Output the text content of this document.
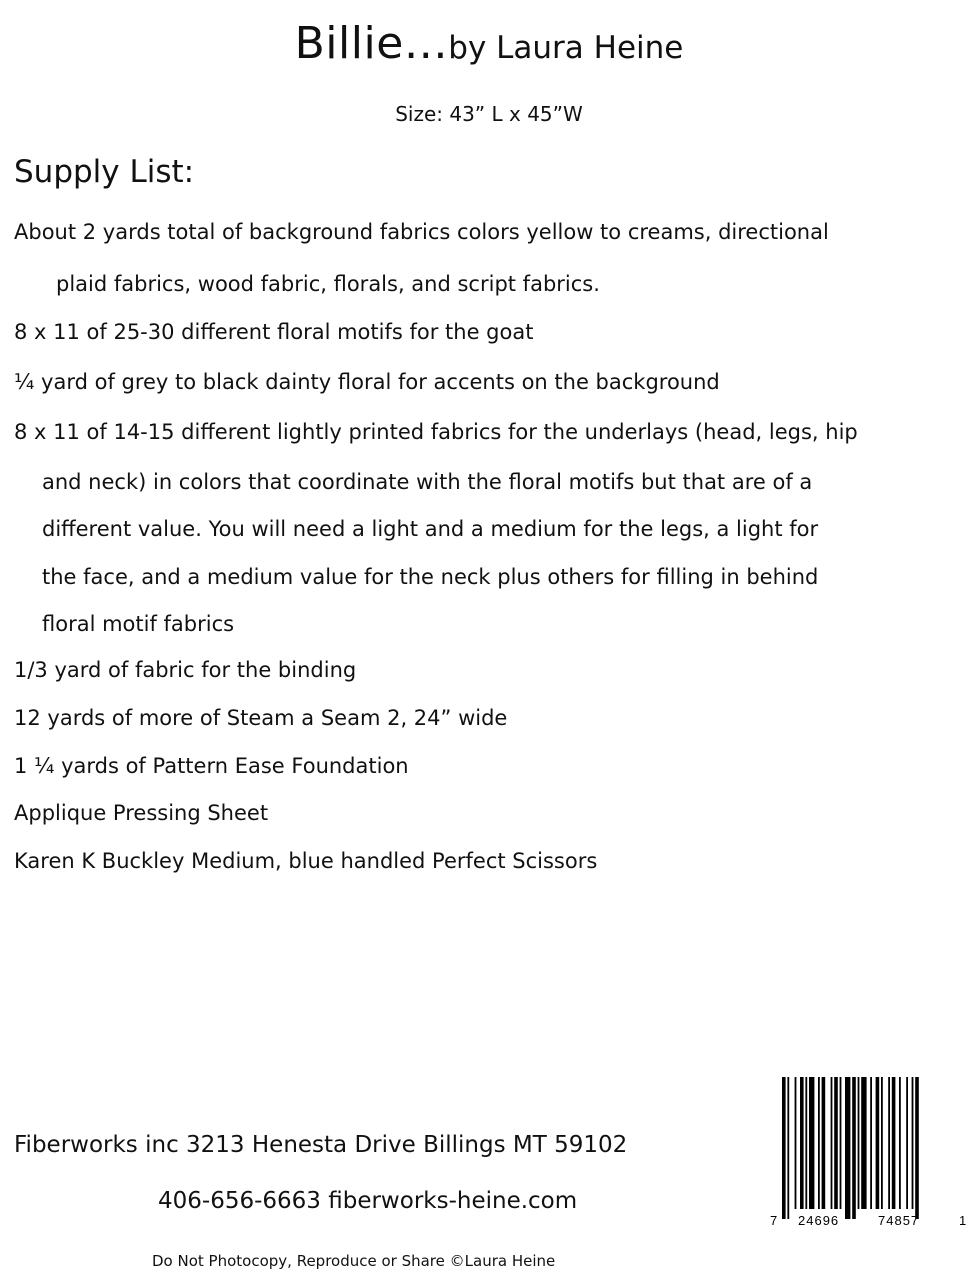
Billie…by Laura Heine
Size: 43” L x 45”W
Supply List:
About 2 yards total of background fabrics colors yellow to creams, directional
plaid fabrics, wood fabric, florals, and script fabrics.
8 x 11 of 25-30 different floral motifs for the goat
¼ yard of grey to black dainty floral for accents on the background
8 x 11 of 14-15 different lightly printed fabrics for the underlays (head, legs, hip
and neck) in colors that coordinate with the floral motifs but that are of a
different value. You will need a light and a medium for the legs, a light for
the face, and a medium value for the neck plus others for filling in behind
floral motif fabrics
1/3 yard of fabric for the binding
12 yards of more of Steam a Seam 2, 24” wide
1 ¼ yards of Pattern Ease Foundation
Applique Pressing Sheet
Karen K Buckley Medium, blue handled Perfect Scissors
Fiberworks inc 3213 Henesta Drive Billings MT 59102
406-656-6663 fiberworks-heine.com
Do Not Photocopy, Reproduce or Share ©Laura Heine
7 24696	74857	1
